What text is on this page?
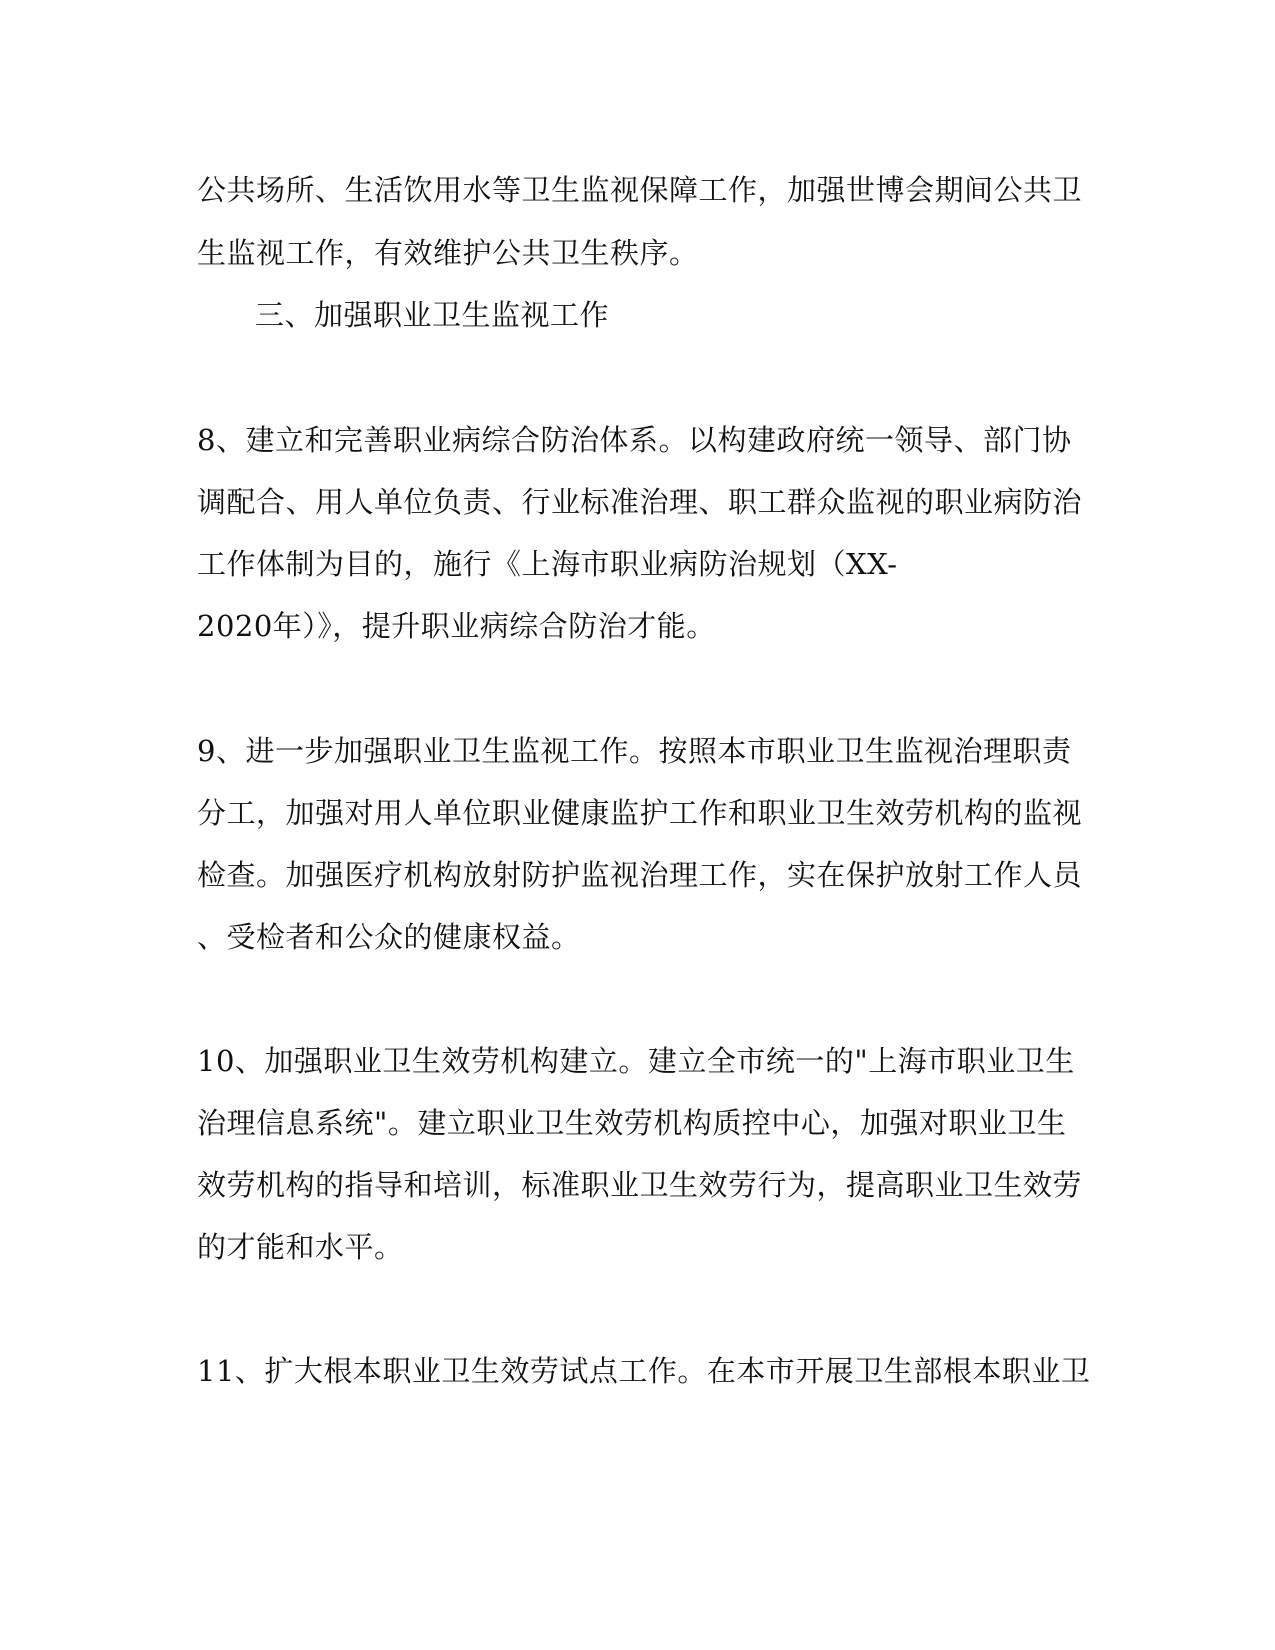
公共场所、生活饮用水等卫生监视保障工作，加强世博会期间公共卫
生监视工作，有效维护公共卫生秩序。
三、加强职业卫生监视工作
8、建立和完善职业病综合防治体系。以构建政府统一领导、部门协
调配合、用人单位负责、行业标准治理、职工群众监视的职业病防治
工作体制为目的，施行《上海市职业病防治规划（XX-
2020年）》，提升职业病综合防治才能。
9、进一步加强职业卫生监视工作。按照本市职业卫生监视治理职责
分工，加强对用人单位职业健康监护工作和职业卫生效劳机构的监视
检查。加强医疗机构放射防护监视治理工作，实在保护放射工作人员
、受检者和公众的健康权益。
10、加强职业卫生效劳机构建立。建立全市统一的"上海市职业卫生
治理信息系统"。建立职业卫生效劳机构质控中心，加强对职业卫生
效劳机构的指导和培训，标准职业卫生效劳行为，提高职业卫生效劳
的才能和水平。
11、扩大根本职业卫生效劳试点工作。在本市开展卫生部根本职业卫
